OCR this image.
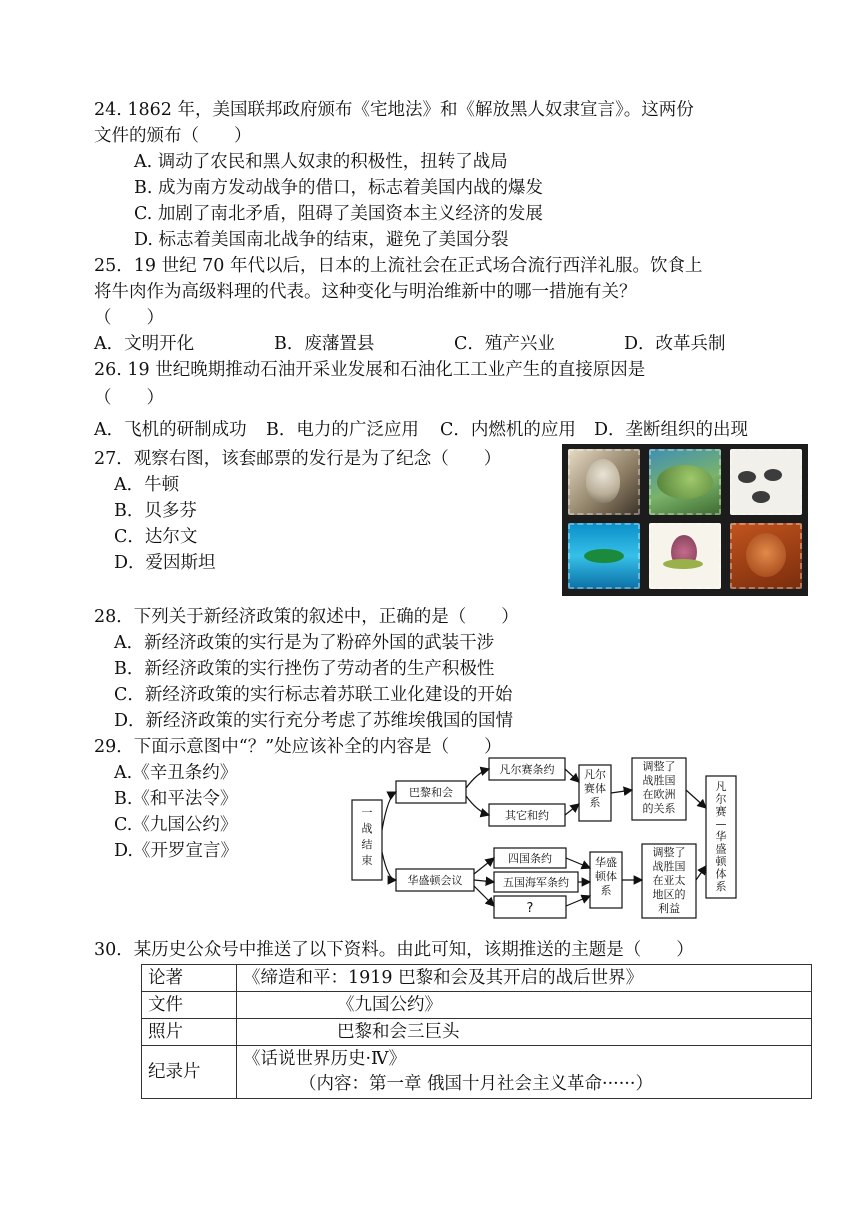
24. 1862 年，美国联邦政府颁布《宅地法》和《解放黑人奴隶宣言》。这两份
文件的颁布（　　）
A. 调动了农民和黑人奴隶的积极性，扭转了战局
B. 成为南方发动战争的借口，标志着美国内战的爆发
C. 加剧了南北矛盾，阻碍了美国资本主义经济的发展
D. 标志着美国南北战争的结束，避免了美国分裂
25．19 世纪 70 年代以后，日本的上流社会在正式场合流行西洋礼服。饮食上
将牛肉作为高级料理的代表。这种变化与明治维新中的哪一措施有关？
（　　）
A．文明开化	B．废藩置县	C．殖产兴业	D．改革兵制
26. 19 世纪晚期推动石油开采业发展和石油化工工业产生的直接原因是
（　　）
A．飞机的研制成功 B．电力的广泛应用 C．内燃机的应用 D．垄断组织的出现
27．观察右图，该套邮票的发行是为了纪念（　　）
A．牛顿
B．贝多芬
C．达尔文
D．爱因斯坦
28．下列关于新经济政策的叙述中，正确的是（　　）
A．新经济政策的实行是为了粉碎外国的武装干涉
B．新经济政策的实行挫伤了劳动者的生产积极性
C．新经济政策的实行标志着苏联工业化建设的开始
D．新经济政策的实行充分考虑了苏维埃俄国的国情
29．下面示意图中“？”处应该补全的内容是（　　）
A.《辛丑条约》
B.《和平法令》
C.《九国公约》
D.《开罗宣言》
一战结束
巴黎和会
华盛顿会议
凡尔赛条约
其它和约
四国条约
五国海军条约
?
凡尔赛体系
华盛顿体系
调整了战胜国在欧洲的关系
调整了战胜国在亚太地区的利益
凡尔赛—华盛顿体系
30．某历史公众号中推送了以下资料。由此可知，该期推送的主题是（　　）
论著	《缔造和平：1919 巴黎和会及其开启的战后世界》
文件	《九国公约》
照片	巴黎和会三巨头
纪录片	《话说世界历史·Ⅳ》
（内容：第一章 俄国十月社会主义革命······）
